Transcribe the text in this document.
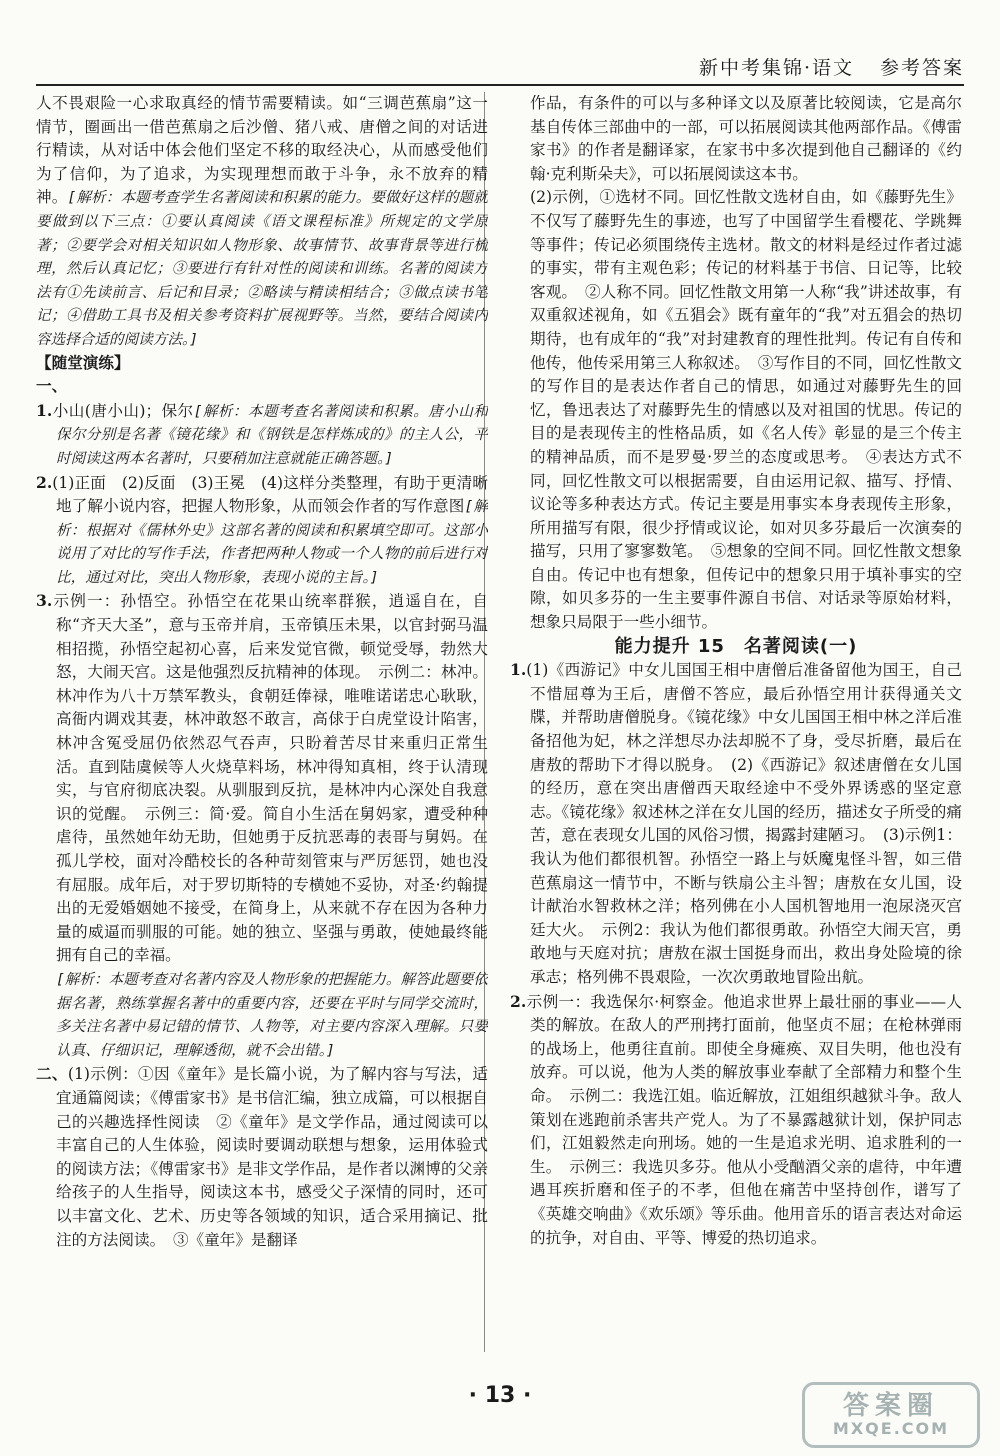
新中考集锦·语文 参考答案

人不畏艰险一心求取真经的情节需要精读。如“三调芭蕉扇”这一情节，圈画出一借芭蕉扇之后沙僧、猪八戒、唐僧之间的对话进行精读，从对话中体会他们坚定不移的取经决心，从而感受他们为了信仰，为了追求，为实现理想而敢于斗争，永不放弃的精神。[解析：本题考查学生名著阅读和积累的能力。要做好这样的题就要做到以下三点：①要认真阅读《语文课程标准》所规定的文学原著；②要学会对相关知识如人物形象、故事情节、故事背景等进行梳理，然后认真记忆；③要进行有针对性的阅读和训练。名著的阅读方法有①先读前言、后记和目录；②略读与精读相结合；③做点读书笔记；④借助工具书及相关参考资料扩展视野等。当然，要结合阅读内容选择合适的阅读方法。]

【随堂演练】

一、

1.小山(唐小山)；保尔[解析：本题考查名著阅读和积累。唐小山和保尔分别是名著《镜花缘》和《钢铁是怎样炼成的》的主人公，平时阅读这两本名著时，只要稍加注意就能正确答题。]

2.(1)正面　(2)反面　(3)王冕　(4)这样分类整理，有助于更清晰地了解小说内容，把握人物形象，从而领会作者的写作意图[解析：根据对《儒林外史》这部名著的阅读和积累填空即可。这部小说用了对比的写作手法，作者把两种人物或一个人物的前后进行对比，通过对比，突出人物形象，表现小说的主旨。]

3.示例一：孙悟空。孙悟空在花果山统率群猴，逍遥自在，自称“齐天大圣”，意与玉帝并肩，玉帝镇压未果，以官封弼马温相招揽，孙悟空起初心喜，后来发觉官微，顿觉受辱，勃然大怒，大闹天宫。这是他强烈反抗精神的体现。　示例二：林冲。林冲作为八十万禁军教头，食朝廷俸禄，唯唯诺诺忠心耿耿，高衙内调戏其妻，林冲敢怒不敢言，高俅于白虎堂设计陷害，林冲含冤受屈仍依然忍气吞声，只盼着苦尽甘来重归正常生活。直到陆虞候等人火烧草料场，林冲得知真相，终于认清现实，与官府彻底决裂。从驯服到反抗，是林冲内心深处自我意识的觉醒。　示例三：简·爱。简自小生活在舅妈家，遭受种种虐待，虽然她年幼无助，但她勇于反抗恶毒的表哥与舅妈。在孤儿学校，面对冷酷校长的各种苛刻管束与严厉惩罚，她也没有屈服。成年后，对于罗切斯特的专横她不妥协，对圣·约翰提出的无爱婚姻她不接受，在简身上，从来就不存在因为各种力量的威逼而驯服的可能。她的独立、坚强与勇敢，使她最终能拥有自己的幸福。

[解析：本题考查对名著内容及人物形象的把握能力。解答此题要依据名著，熟练掌握名著中的重要内容，还要在平时与同学交流时，多关注名著中易记错的情节、人物等，对主要内容深入理解。只要认真、仔细识记，理解透彻，就不会出错。]

二、(1)示例：①因《童年》是长篇小说，为了解内容与写法，适宜通篇阅读；《傅雷家书》是书信汇编，独立成篇，可以根据自己的兴趣选择性阅读　②《童年》是文学作品，通过阅读可以丰富自己的人生体验，阅读时要调动联想与想象，运用体验式的阅读方法；《傅雷家书》是非文学作品，是作者以渊博的父亲给孩子的人生指导，阅读这本书，感受父子深情的同时，还可以丰富文化、艺术、历史等各领域的知识，适合采用摘记、批注的方法阅读。　③《童年》是翻译

作品，有条件的可以与多种译文以及原著比较阅读，它是高尔基自传体三部曲中的一部，可以拓展阅读其他两部作品。《傅雷家书》的作者是翻译家，在家书中多次提到他自己翻译的《约翰·克利斯朵夫》，可以拓展阅读这本书。

(2)示例，①选材不同。回忆性散文选材自由，如《藤野先生》不仅写了藤野先生的事迹，也写了中国留学生看樱花、学跳舞等事件；传记必须围绕传主选材。散文的材料是经过作者过滤的事实，带有主观色彩；传记的材料基于书信、日记等，比较客观。　②人称不同。回忆性散文用第一人称“我”讲述故事，有双重叙述视角，如《五猖会》既有童年的“我”对五猖会的热切期待，也有成年的“我”对封建教育的理性批判。传记有自传和他传，他传采用第三人称叙述。　③写作目的不同，回忆性散文的写作目的是表达作者自己的情思，如通过对藤野先生的回忆，鲁迅表达了对藤野先生的情感以及对祖国的忧思。传记的目的是表现传主的性格品质，如《名人传》彰显的是三个传主的精神品质，而不是罗曼·罗兰的态度或思考。　④表达方式不同，回忆性散文可以根据需要，自由运用记叙、描写、抒情、议论等多种表达方式。传记主要是用事实本身表现传主形象，所用描写有限，很少抒情或议论，如对贝多芬最后一次演奏的描写，只用了寥寥数笔。　⑤想象的空间不同。回忆性散文想象自由。传记中也有想象，但传记中的想象只用于填补事实的空隙，如贝多芬的一生主要事件源自书信、对话录等原始材料，想象只局限于一些小细节。

能力提升 15　名著阅读(一)

1.(1)《西游记》中女儿国国王相中唐僧后准备留他为国王，自己不惜屈尊为王后，唐僧不答应，最后孙悟空用计获得通关文牒，并帮助唐僧脱身。《镜花缘》中女儿国国王相中林之洋后准备招他为妃，林之洋想尽办法却脱不了身，受尽折磨，最后在唐敖的帮助下才得以脱身。　(2)《西游记》叙述唐僧在女儿国的经历，意在突出唐僧西天取经途中不受外界诱惑的坚定意志。《镜花缘》叙述林之洋在女儿国的经历，描述女子所受的痛苦，意在表现女儿国的风俗习惯，揭露封建陋习。　(3)示例1：我认为他们都很机智。孙悟空一路上与妖魔鬼怪斗智，如三借芭蕉扇这一情节中，不断与铁扇公主斗智；唐敖在女儿国，设计献治水智救林之洋；格列佛在小人国机智地用一泡尿浇灭宫廷大火。　示例2：我认为他们都很勇敢。孙悟空大闹天宫，勇敢地与天庭对抗；唐敖在淑士国挺身而出，救出身处险境的徐承志；格列佛不畏艰险，一次次勇敢地冒险出航。

2.示例一：我选保尔·柯察金。他追求世界上最壮丽的事业——人类的解放。在敌人的严刑拷打面前，他坚贞不屈；在枪林弹雨的战场上，他勇往直前。即使全身瘫痪、双目失明，他也没有放弃。可以说，他为人类的解放事业奉献了全部精力和整个生命。　示例二：我选江姐。临近解放，江姐组织越狱斗争。敌人策划在逃跑前杀害共产党人。为了不暴露越狱计划，保护同志们，江姐毅然走向刑场。她的一生是追求光明、追求胜利的一生。　示例三：我选贝多芬。他从小受酗酒父亲的虐待，中年遭遇耳疾折磨和侄子的不孝，但他在痛苦中坚持创作，谱写了《英雄交响曲》《欢乐颂》等乐曲。他用音乐的语言表达对命运的抗争，对自由、平等、博爱的热切追求。

· 13 ·	答案圈
MXQE.COM
